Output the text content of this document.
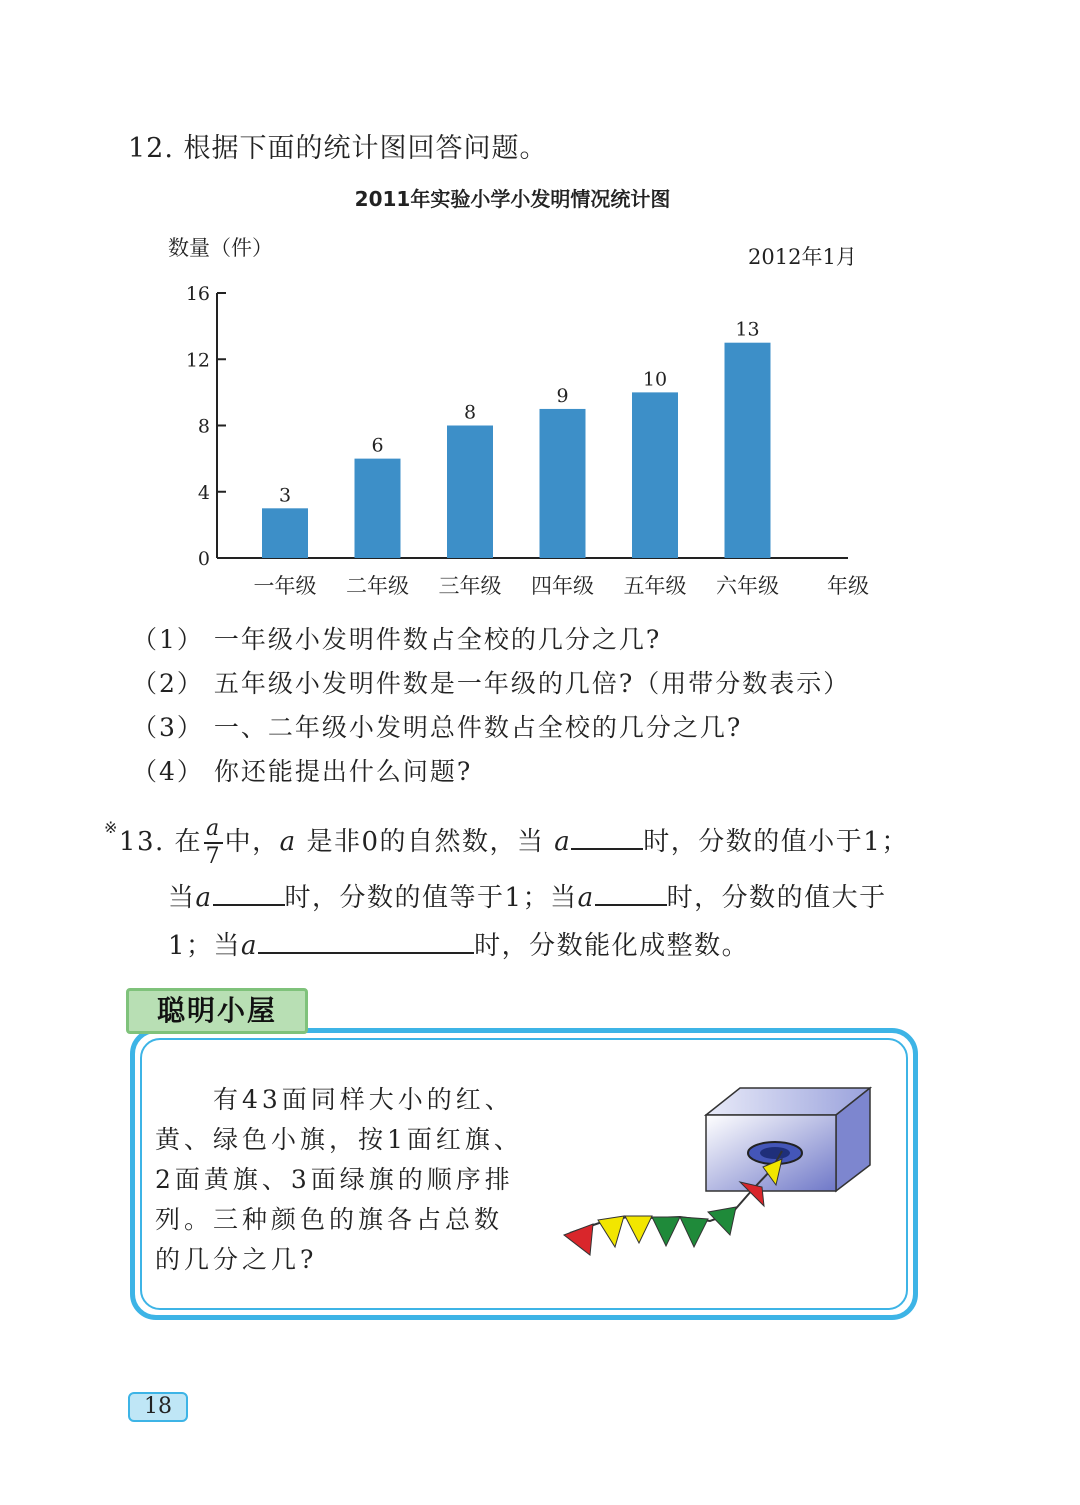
12. 根据下面的统计图回答问题。
2011年实验小学小发明情况统计图
数量（件）	2012年1月
0
4
8
12
16
3
一年级
6
二年级
8
三年级
9
四年级
10
五年级
13
六年级 年级
（1） 一年级小发明件数占全校的几分之几?
（2） 五年级小发明件数是一年级的几倍?（用带分数表示）
（3） 一、二年级小发明总件数占全校的几分之几?
（4） 你还能提出什么问题?
※13. 在 $\frac{a}{7}$ 中，a 是非0的自然数，当 a	时，分数的值小于1；
当a	时，分数的值等于1；当a	时，分数的值大于
1；当a	时，分数能化成整数。
聪明小屋

　　有43面同样大小的红、

黄、绿色小旗，按1面红旗、

2面黄旗、3面绿旗的顺序排

列。三种颜色的旗各占总数

的几分之几?

18
